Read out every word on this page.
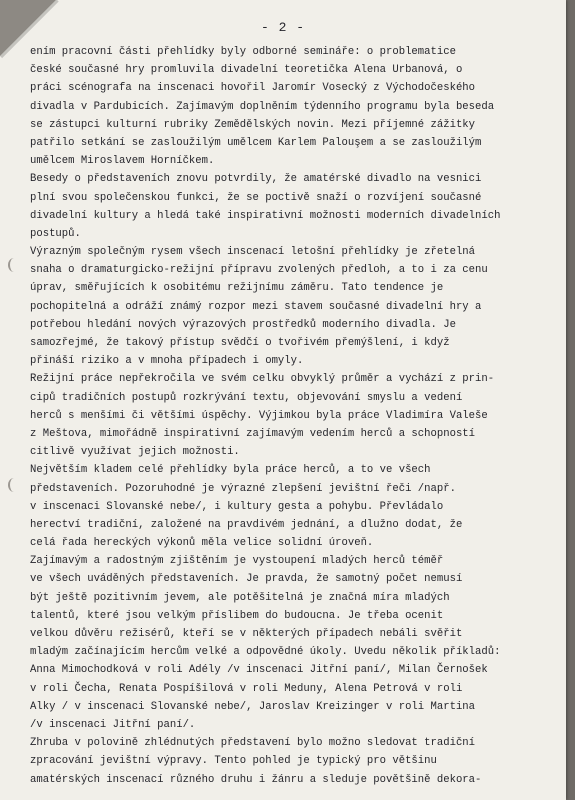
- 2 -
ením pracovní části přehlídky byly odborné semináře: o problematice
české současné hry promluvila divadelní teoretička Alena Urbanová, o
práci scénografa na inscenaci hovořil Jaromír Vosecký z Východočeského
divadla v Pardubicích. Zajímavým doplněním týdenního programu byla beseda
se zástupci kulturní rubriky Zemědělských novin. Mezi příjemné zážitky
patřilo setkání se zasloužilým umělcem Karlem Palouşem a se zasloužilým
umělcem Miroslavem Horníčkem.
Besedy o představeních znovu potvrdily, že amatérské divadlo na vesnici
plní svou společenskou funkci, že se poctivě snaží o rozvíjení současné
divadelní kultury a hledá také inspirativní možnosti moderních divadelních
postupů.
Výrazným společným rysem všech inscenací letošní přehlídky je zřetelná
snaha o dramaturgicko-režijní přípravu zvolených předloh, a to i za cenu
úprav, směřujících k osobitému režijnímu záměru. Tato tendence je
pochopitelná a odráží známý rozpor mezi stavem současné divadelní hry a
potřebou hledání nových výrazových prostředků moderního divadla. Je
samozřejmé, že takový přístup svědčí o tvořivém přemýšlení, i když
přináší riziko a v mnoha případech i omyly.
Režijní práce nepřekročila ve svém celku obvyklý průměr a vychází z prin-
cipů tradičních postupů rozkrývání textu, objevování smyslu a vedení
herců s menšími či většími úspěchy. Výjimkou byla práce Vladimíra Valeše
z Meštova, mimořádně inspirativní zajímavým vedením herců a schopností
citlivě využívat jejich možnosti.
Největším kladem celé přehlídky byla práce herců, a to ve všech
představeních. Pozoruhodné je výrazné zlepšení jevištní řeči /např.
v inscenaci Slovanské nebe/, i kultury gesta a pohybu. Převládalo
herectví tradiční, založené na pravdivém jednání, a dlužno dodat, že
celá řada hereckých výkonů měla velice solidní úroveň.
Zajímavým a radostným zjištěním je vystoupení mladých herců téměř
ve všech uváděných představeních. Je pravda, že samotný počet nemusí
být ještě pozitivním jevem, ale potěšitelná je značná míra mladých
talentů, které jsou velkým příslibem do budoucna. Je třeba ocenit
velkou důvěru režisérů, kteří se v některých případech nebáli svěřit
mladým začínajícím hercům velké a odpovědné úkoly. Uvedu několik příkladů:
Anna Mimochodková v roli Adély /v inscenaci Jitřní paní/, Milan Černošek
v roli Čecha, Renata Pospíšilová v roli Meduny, Alena Petrová v roli
Alky / v inscenaci Slovanské nebe/, Jaroslav Kreizinger v roli Martina
/v inscenaci Jitřní paní/.
Zhruba v polovině zhlédnutých představení bylo možno sledovat tradiční
zpracování jevištní výpravy. Tento pohled je typický pro většinu
amatérských inscenací různého druhu i žánru a sleduje povětšině dekora-
